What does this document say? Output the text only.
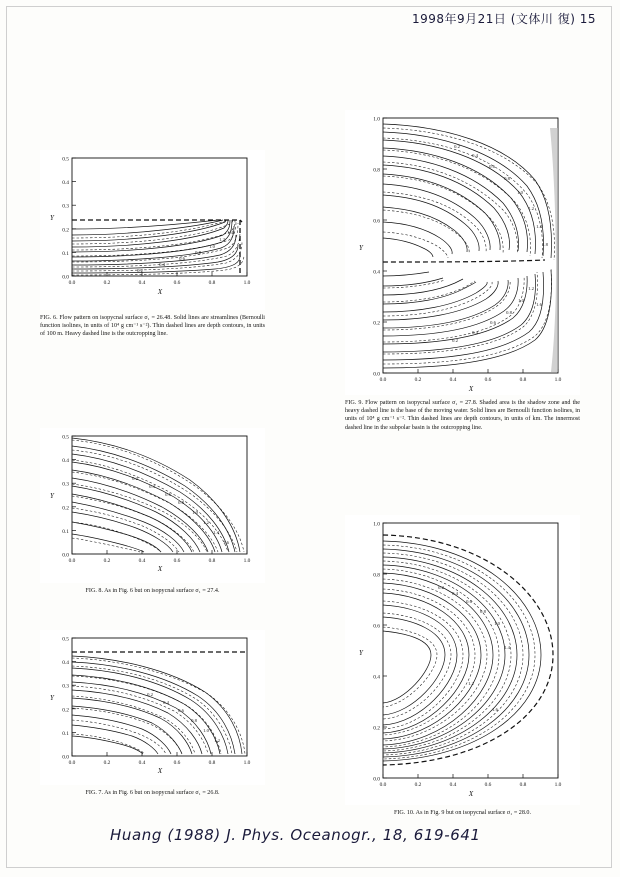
1998年9月21日 (文体川 復) 15
0.0
0.1
0.2
0.3
0.4
0.5
0.0	0.2	0.4	0.6	0.8	1.0
X
Y
0.2
0.4
0.6
0.8
1.0
1.2
1.4
FIG. 6. Flow pattern on isopycnal surface σ₁ = 26.48. Solid lines are streamlines (Bernoulli function isolines, in units of 10⁴ g cm⁻¹ s⁻²). Thin dashed lines are depth contours, in units of 100 m. Heavy dashed line is the outcropping line.
0.0
0.1
0.2
0.3
0.4
0.5
0.0	0.2	0.4	0.6	0.8	1.0
X
Y
0.2
0.4
0.6
0.8
1.0
1.2
1.4
1.6
FIG. 8. As in Fig. 6 but on isopycnal surface σ₁ = 27.4.
0.0
0.1
0.2
0.3
0.4
0.5
0.0	0.2	0.4	0.6	0.8	1.0
X
Y	0.2
0.4
0.6
0.8
1.0
1.2
FIG. 7. As in Fig. 6 but on isopycnal surface σ₁ = 26.8.
0.0
0.2
0.4
0.6
0.8
1.0
0.0	0.2	0.4	0.6	0.8	1.0
X
Y
0.2
0.4
0.6
0.8
1.0
1.2
1.4
0.2
0.4
0.6
0.8
1.0
1.2
1.6
1.8
FIG. 9. Flow pattern on isopycnal surface σ₁ = 27.8. Shaded area is the shadow zone and the heavy dashed line is the base of the moving water. Solid lines are Bernoulli function isolines, in units of 10⁴ g cm⁻¹ s⁻². Thin dashed lines are depth contours, in units of km. The innermost dashed line in the subpolar basin is the outcropping line.
0.0
0.2
0.4
0.6
0.8
1.0
0.0	0.2	0.4	0.6	0.8	1.0
X
Y
0.2
0.4
0.6
0.8
1.0
1.2
1.4
1.6
FIG. 10. As in Fig. 9 but on isopycnal surface σ₁ = 28.0.
Huang (1988) J. Phys. Oceanogr., 18, 619-641
